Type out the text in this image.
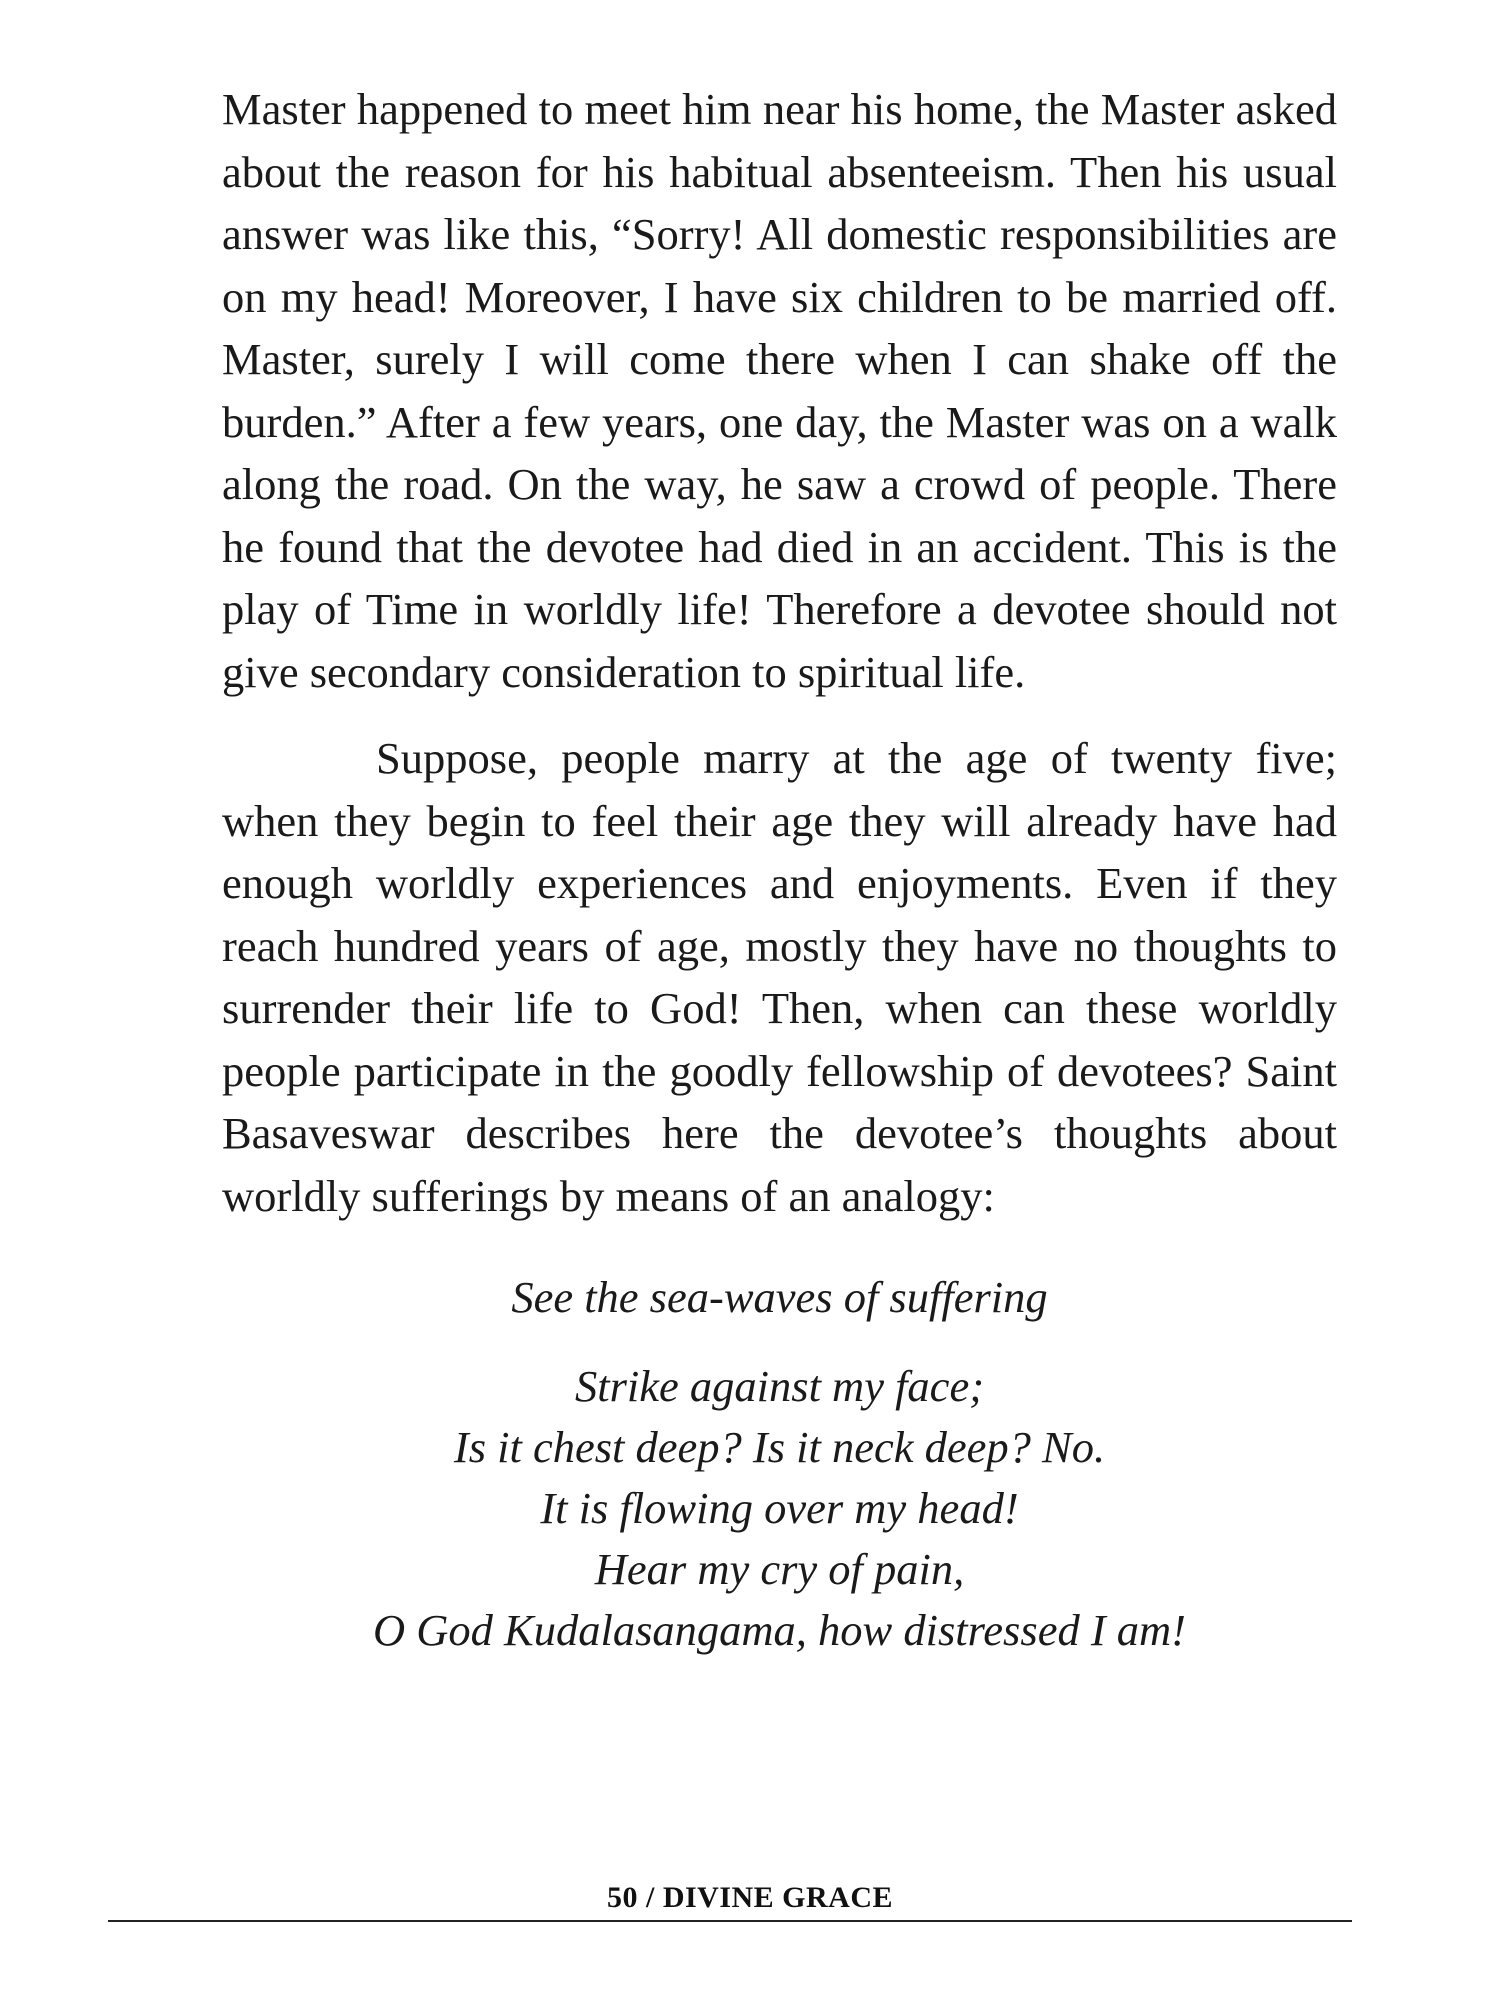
Master happened to meet him near his home, the Master asked about the reason for his habitual absenteeism. Then his usual answer was like this, “Sorry! All domestic responsibilities are on my head! Moreover, I have six children to be married off. Master, surely I will come there when I can shake off the burden.” After a few years, one day, the Master was on a walk along the road. On the way, he saw a crowd of people. There he found that the devotee had died in an accident. This is the play of Time in worldly life! Therefore a devotee should not give secondary consideration to spiritual life.

Suppose, people marry at the age of twenty five; when they begin to feel their age they will already have had enough worldly experiences and enjoyments. Even if they reach hundred years of age, mostly they have no thoughts to surrender their life to God! Then, when can these worldly people participate in the goodly fellowship of devotees? Saint Basaveswar describes here the devotee’s thoughts about worldly sufferings by means of an analogy:

See the sea-waves of suffering
Strike against my face;
Is it chest deep? Is it neck deep? No.
It is flowing over my head!
Hear my cry of pain,
O God Kudalasangama, how distressed I am!
50 / DIVINE GRACE
